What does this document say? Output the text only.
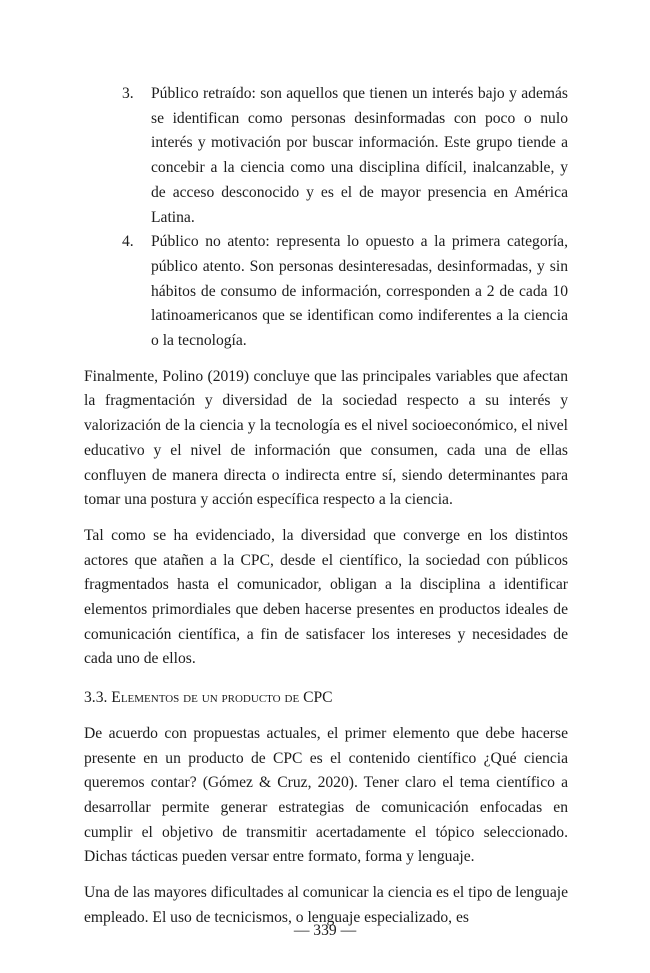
3. Público retraído: son aquellos que tienen un interés bajo y además se identifican como personas desinformadas con poco o nulo interés y motivación por buscar información. Este grupo tiende a concebir a la ciencia como una disciplina difícil, inalcanzable, y de acceso desconocido y es el de mayor presencia en América Latina.
4. Público no atento: representa lo opuesto a la primera categoría, público atento. Son personas desinteresadas, desinformadas, y sin hábitos de consumo de información, corresponden a 2 de cada 10 latinoamericanos que se identifican como indiferentes a la ciencia o la tecnología.

Finalmente, Polino (2019) concluye que las principales variables que afectan la fragmentación y diversidad de la sociedad respecto a su interés y valorización de la ciencia y la tecnología es el nivel socioeconómico, el nivel educativo y el nivel de información que consumen, cada una de ellas confluyen de manera directa o indirecta entre sí, siendo determinantes para tomar una postura y acción específica respecto a la ciencia.

Tal como se ha evidenciado, la diversidad que converge en los distintos actores que atañen a la CPC, desde el científico, la sociedad con públicos fragmentados hasta el comunicador, obligan a la disciplina a identificar elementos primordiales que deben hacerse presentes en productos ideales de comunicación científica, a fin de satisfacer los intereses y necesidades de cada uno de ellos.

3.3. Elementos de un producto de CPC

De acuerdo con propuestas actuales, el primer elemento que debe hacerse presente en un producto de CPC es el contenido científico ¿Qué ciencia queremos contar? (Gómez & Cruz, 2020). Tener claro el tema científico a desarrollar permite generar estrategias de comunicación enfocadas en cumplir el objetivo de transmitir acertadamente el tópico seleccionado. Dichas tácticas pueden versar entre formato, forma y lenguaje.

Una de las mayores dificultades al comunicar la ciencia es el tipo de lenguaje empleado. El uso de tecnicismos, o lenguaje especializado, es

— 339 —
